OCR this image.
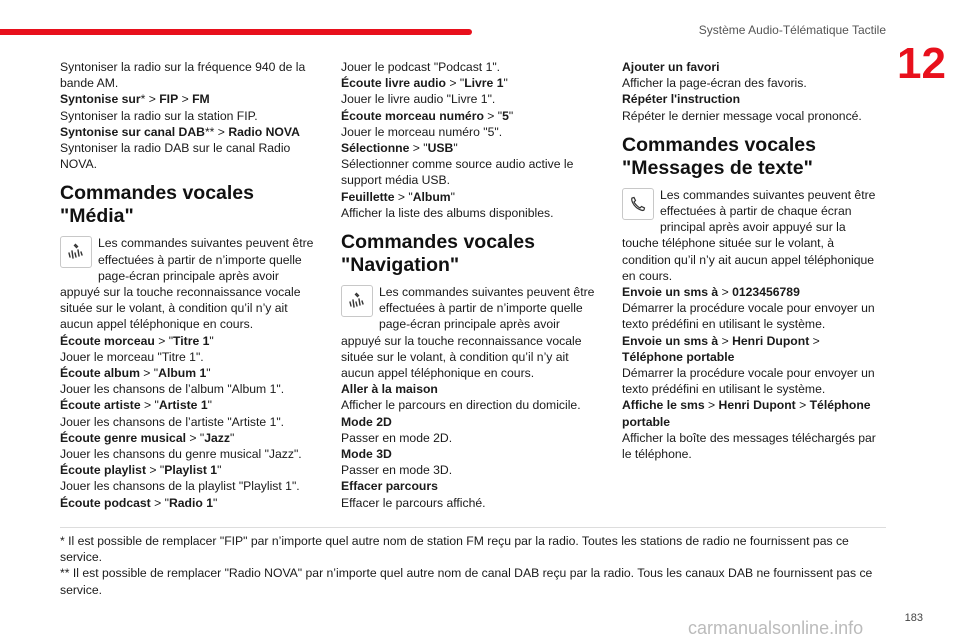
Système Audio-Télématique Tactile
12

Syntoniser la radio sur la fréquence 940 de la bande AM.

Syntonise sur* > FIP > FM

Syntoniser la radio sur la station FIP.

Syntonise sur canal DAB** > Radio NOVA

Syntoniser la radio DAB sur le canal Radio NOVA.

Commandes vocales "Média"

Les commandes suivantes peuvent être effectuées à partir de n’importe quelle page-écran principale après avoir appuyé sur la touche reconnaissance vocale située sur le volant, à condition qu’il n’y ait aucun appel téléphonique en cours.

Écoute morceau > "Titre 1"

Jouer le morceau "Titre 1".

Écoute album > "Album 1"

Jouer les chansons de l’album "Album 1".

Écoute artiste > "Artiste 1"

Jouer les chansons de l’artiste "Artiste 1".

Écoute genre musical > "Jazz"

Jouer les chansons du genre musical "Jazz".

Écoute playlist > "Playlist 1"

Jouer les chansons de la playlist "Playlist 1".

Écoute podcast > "Radio 1"

Jouer le podcast "Podcast 1".

Écoute livre audio > "Livre 1"

Jouer le livre audio "Livre 1".

Écoute morceau numéro > "5"

Jouer le morceau numéro "5".

Sélectionne > "USB"

Sélectionner comme source audio active le support média USB.

Feuillette > "Album"

Afficher la liste des albums disponibles.

Commandes vocales "Navigation"

Les commandes suivantes peuvent être effectuées à partir de n’importe quelle page-écran principale après avoir appuyé sur la touche reconnaissance vocale située sur le volant, à condition qu’il n’y ait aucun appel téléphonique en cours.

Aller à la maison

Afficher le parcours en direction du domicile.

Mode 2D

Passer en mode 2D.

Mode 3D

Passer en mode 3D.

Effacer parcours

Effacer le parcours affiché.

Ajouter un favori

Afficher la page-écran des favoris.

Répéter l'instruction

Répéter le dernier message vocal prononcé.

Commandes vocales "Messages de texte"

Les commandes suivantes peuvent être effectuées à partir de chaque écran principal après avoir appuyé sur la touche téléphone située sur le volant, à condition qu’il n’y ait aucun appel téléphonique en cours.

Envoie un sms à > 0123456789

Démarrer la procédure vocale pour envoyer un texto prédéfini en utilisant le système.

Envoie un sms à > Henri Dupont > Téléphone portable

Démarrer la procédure vocale pour envoyer un texto prédéfini en utilisant le système.

Affiche le sms > Henri Dupont > Téléphone portable

Afficher la boîte des messages téléchargés par le téléphone.

* Il est possible de remplacer "FIP" par n’importe quel autre nom de station FM reçu par la radio. Toutes les stations de radio ne fournissent pas ce service.

** Il est possible de remplacer "Radio NOVA" par n’importe quel autre nom de canal DAB reçu par la radio. Tous les canaux DAB ne fournissent pas ce service.

183
carmanualsonline.info
